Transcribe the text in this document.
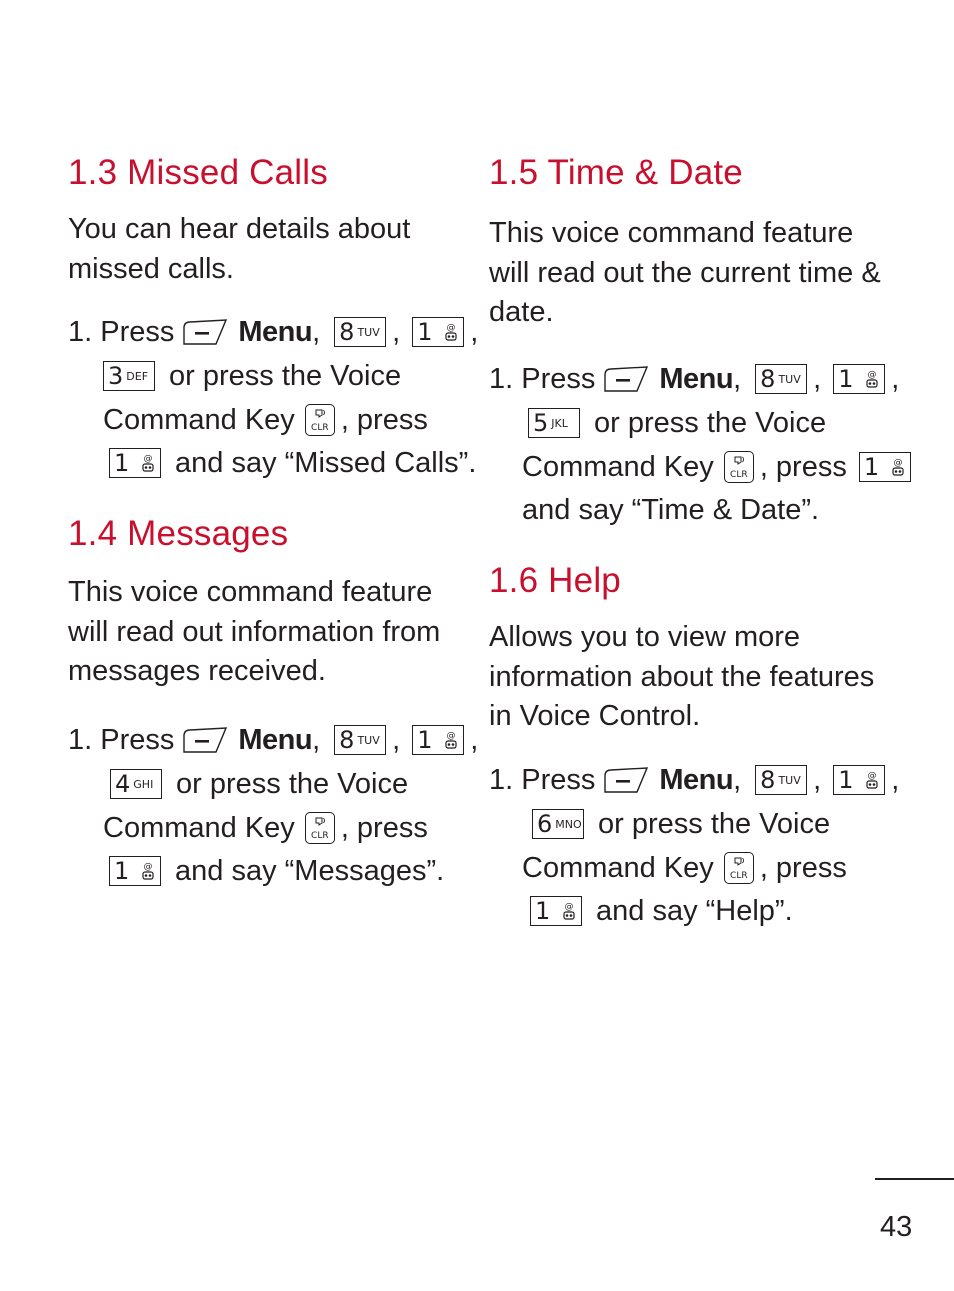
1.3 Missed Calls
You can hear details about
missed calls.
1. Press Menu , 8 TUV , 1 ,
3 DEF or press the Voice
Command Key	CLR , press
1 and say “Missed Calls”.
1.4 Messages
This voice command feature
will read out information from
messages received.
1. Press Menu , 8 TUV , 1 ,
4 GHI or press the Voice
Command Key	CLR , press
1 and say “Messages”.
1.5 Time & Date
This voice command feature
will read out the current time &
date.
1. Press Menu , 8 TUV , 1 ,
5 JKL or press the Voice
Command Key	CLR , press 1
and say “Time & Date”.
1.6 Help
Allows you to view more
information about the features
in Voice Control.
1. Press Menu , 8 TUV , 1 ,
6 MNO or press the Voice
Command Key	CLR , press
1 and say “Help”.
43
